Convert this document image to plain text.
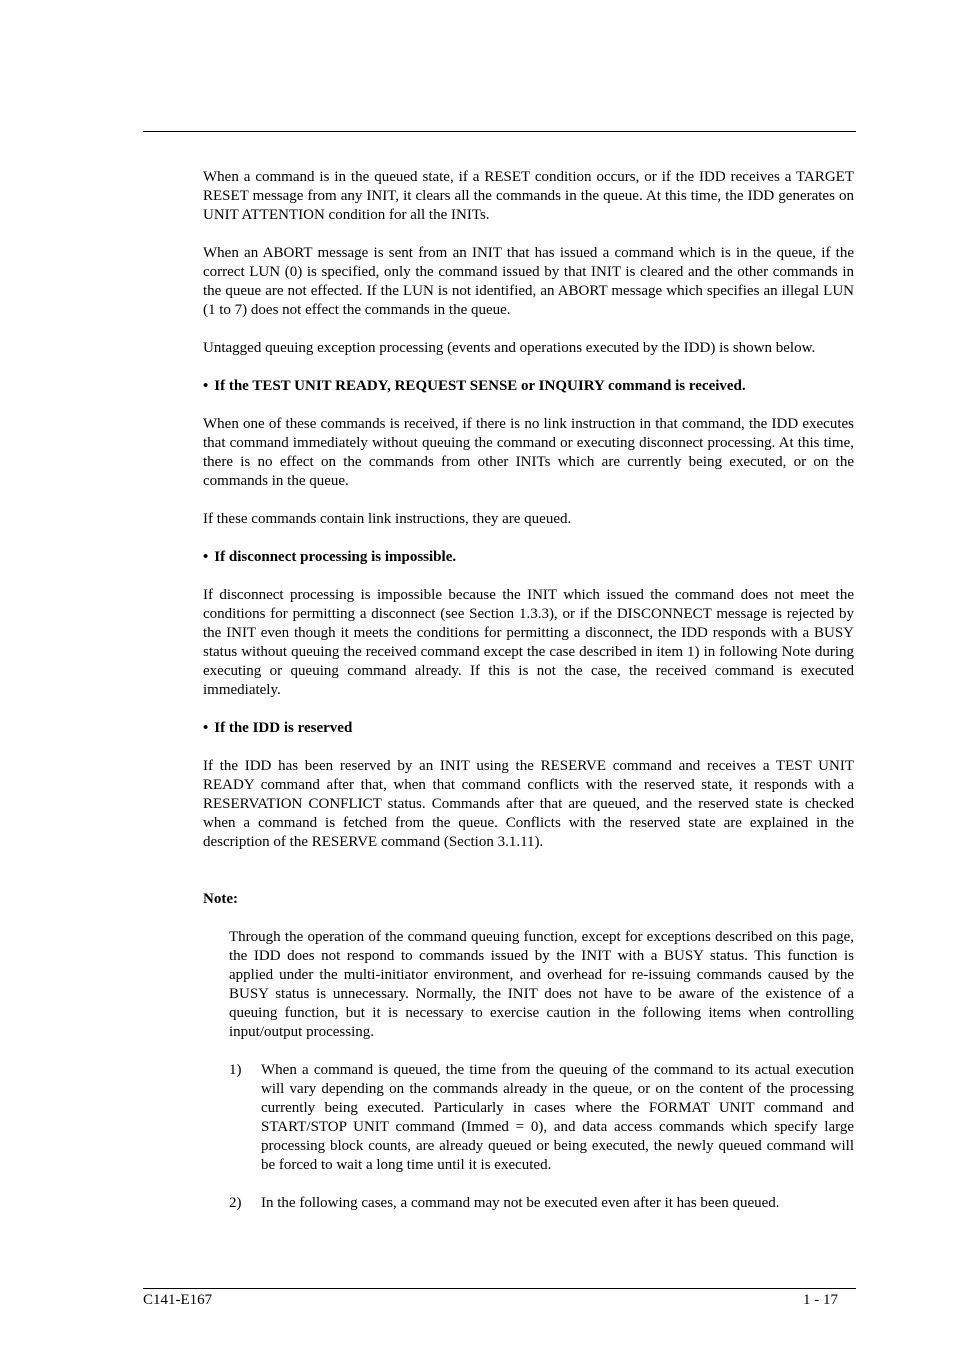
When a command is in the queued state, if a RESET condition occurs, or if the IDD receives a TARGET RESET message from any INIT, it clears all the commands in the queue. At this time, the IDD generates on UNIT ATTENTION condition for all the INITs.

When an ABORT message is sent from an INIT that has issued a command which is in the queue, if the correct LUN (0) is specified, only the command issued by that INIT is cleared and the other commands in the queue are not effected. If the LUN is not identified, an ABORT message which specifies an illegal LUN (1 to 7) does not effect the commands in the queue.

Untagged queuing exception processing (events and operations executed by the IDD) is shown below.

• If the TEST UNIT READY, REQUEST SENSE or INQUIRY command is received.

When one of these commands is received, if there is no link instruction in that command, the IDD executes that command immediately without queuing the command or executing disconnect processing. At this time, there is no effect on the commands from other INITs which are currently being executed, or on the commands in the queue.

If these commands contain link instructions, they are queued.

• If disconnect processing is impossible.

If disconnect processing is impossible because the INIT which issued the command does not meet the conditions for permitting a disconnect (see Section 1.3.3), or if the DISCONNECT message is rejected by the INIT even though it meets the conditions for permitting a disconnect, the IDD responds with a BUSY status without queuing the received command except the case described in item 1) in following Note during executing or queuing command already. If this is not the case, the received command is executed immediately.

• If the IDD is reserved

If the IDD has been reserved by an INIT using the RESERVE command and receives a TEST UNIT READY command after that, when that command conflicts with the reserved state, it responds with a RESERVATION CONFLICT status. Commands after that are queued, and the reserved state is checked when a command is fetched from the queue. Conflicts with the reserved state are explained in the description of the RESERVE command (Section 3.1.11).

Note:

Through the operation of the command queuing function, except for exceptions described on this page, the IDD does not respond to commands issued by the INIT with a BUSY status. This function is applied under the multi-initiator environment, and overhead for re-issuing commands caused by the BUSY status is unnecessary. Normally, the INIT does not have to be aware of the existence of a queuing function, but it is necessary to exercise caution in the following items when controlling input/output processing.

1)	When a command is queued, the time from the queuing of the command to its actual execution will vary depending on the commands already in the queue, or on the content of the processing currently being executed. Particularly in cases where the FORMAT UNIT command and START/STOP UNIT command (Immed = 0), and data access commands which specify large processing block counts, are already queued or being executed, the newly queued command will be forced to wait a long time until it is executed.
2)	In the following cases, a command may not be executed even after it has been queued.
C141-E167	1 - 17
